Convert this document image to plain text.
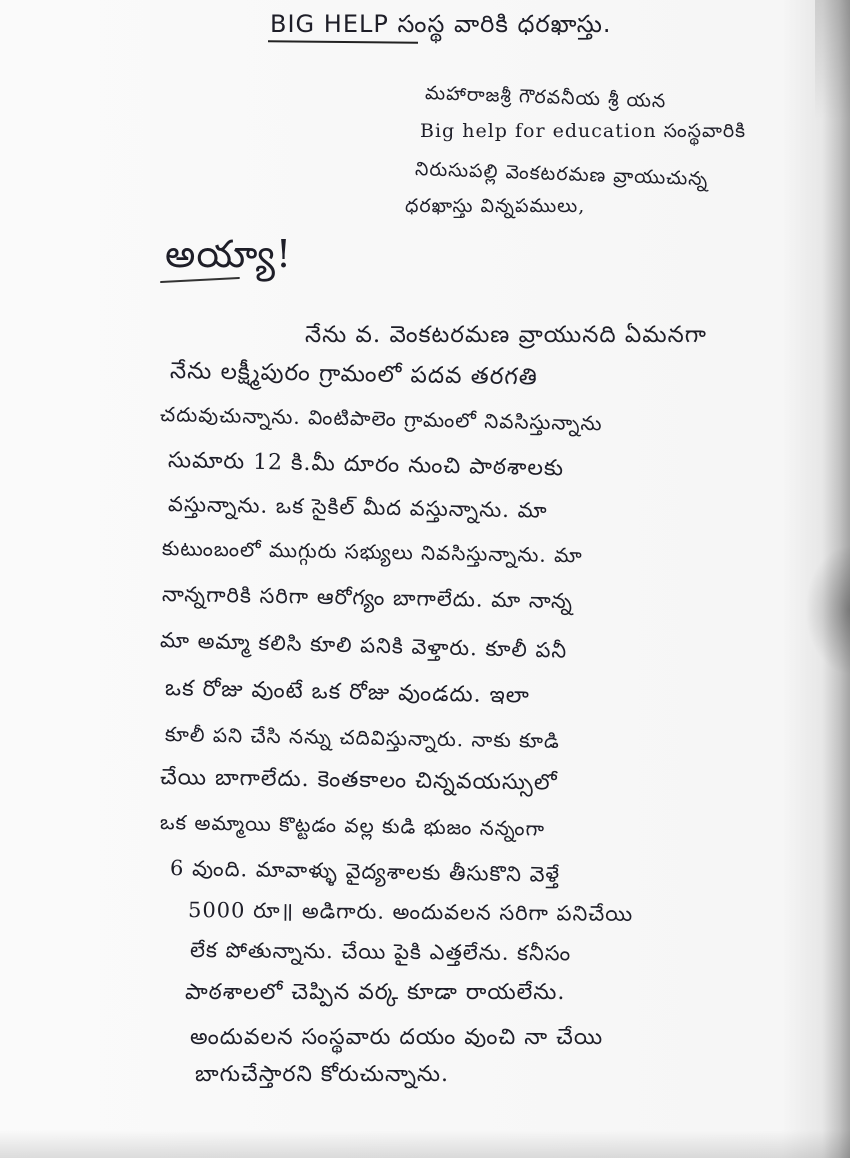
BIG HELP సంస్థ వారికి ధరఖాస్తు.
మహారాజశ్రీ గౌరవనీయ శ్రీ యన
Big help for education సంస్థవారికి
నిరుసుపల్లి వెంకటరమణ వ్రాయుచున్న
ధరఖాస్తు విన్నపములు,
అయ్యా!
నేను వ. వెంకటరమణ వ్రాయునది ఏమనగా
నేను లక్ష్మీపురం గ్రామంలో పదవ తరగతి
చదువుచున్నాను. వింటిపాలెం గ్రామంలో నివసిస్తున్నాను
సుమారు 12 కి.మీ దూరం నుంచి పాఠశాలకు
వస్తున్నాను. ఒక సైకిల్ మీద వస్తున్నాను. మా
కుటుంబంలో ముగ్గురు సభ్యులు నివసిస్తున్నాను. మా
నాన్నగారికి సరిగా ఆరోగ్యం బాగాలేదు. మా నాన్న
మా అమ్మా కలిసి కూలి పనికి వెళ్తారు. కూలీ పనీ
ఒక రోజు వుంటే ఒక రోజు వుండదు. ఇలా
కూలీ పని చేసి నన్ను చదివిస్తున్నారు. నాకు కూడి
చేయి బాగాలేదు. కెంతకాలం చిన్నవయస్సులో
ఒక అమ్మాయి కొట్టడం వల్ల కుడి భుజం నన్నంగా
6 వుంది. మావాళ్ళు వైద్యశాలకు తీసుకొని వెళ్తే
5000 రూ॥ అడిగారు. అందువలన సరిగా పనిచేయి
లేక పోతున్నాను. చేయి పైకి ఎత్తలేను. కనీసం
పాఠశాలలో చెప్పిన వర్క కూడా రాయలేను.
అందువలన సంస్థవారు దయం వుంచి నా చేయి
బాగుచేస్తారని కోరుచున్నాను.
